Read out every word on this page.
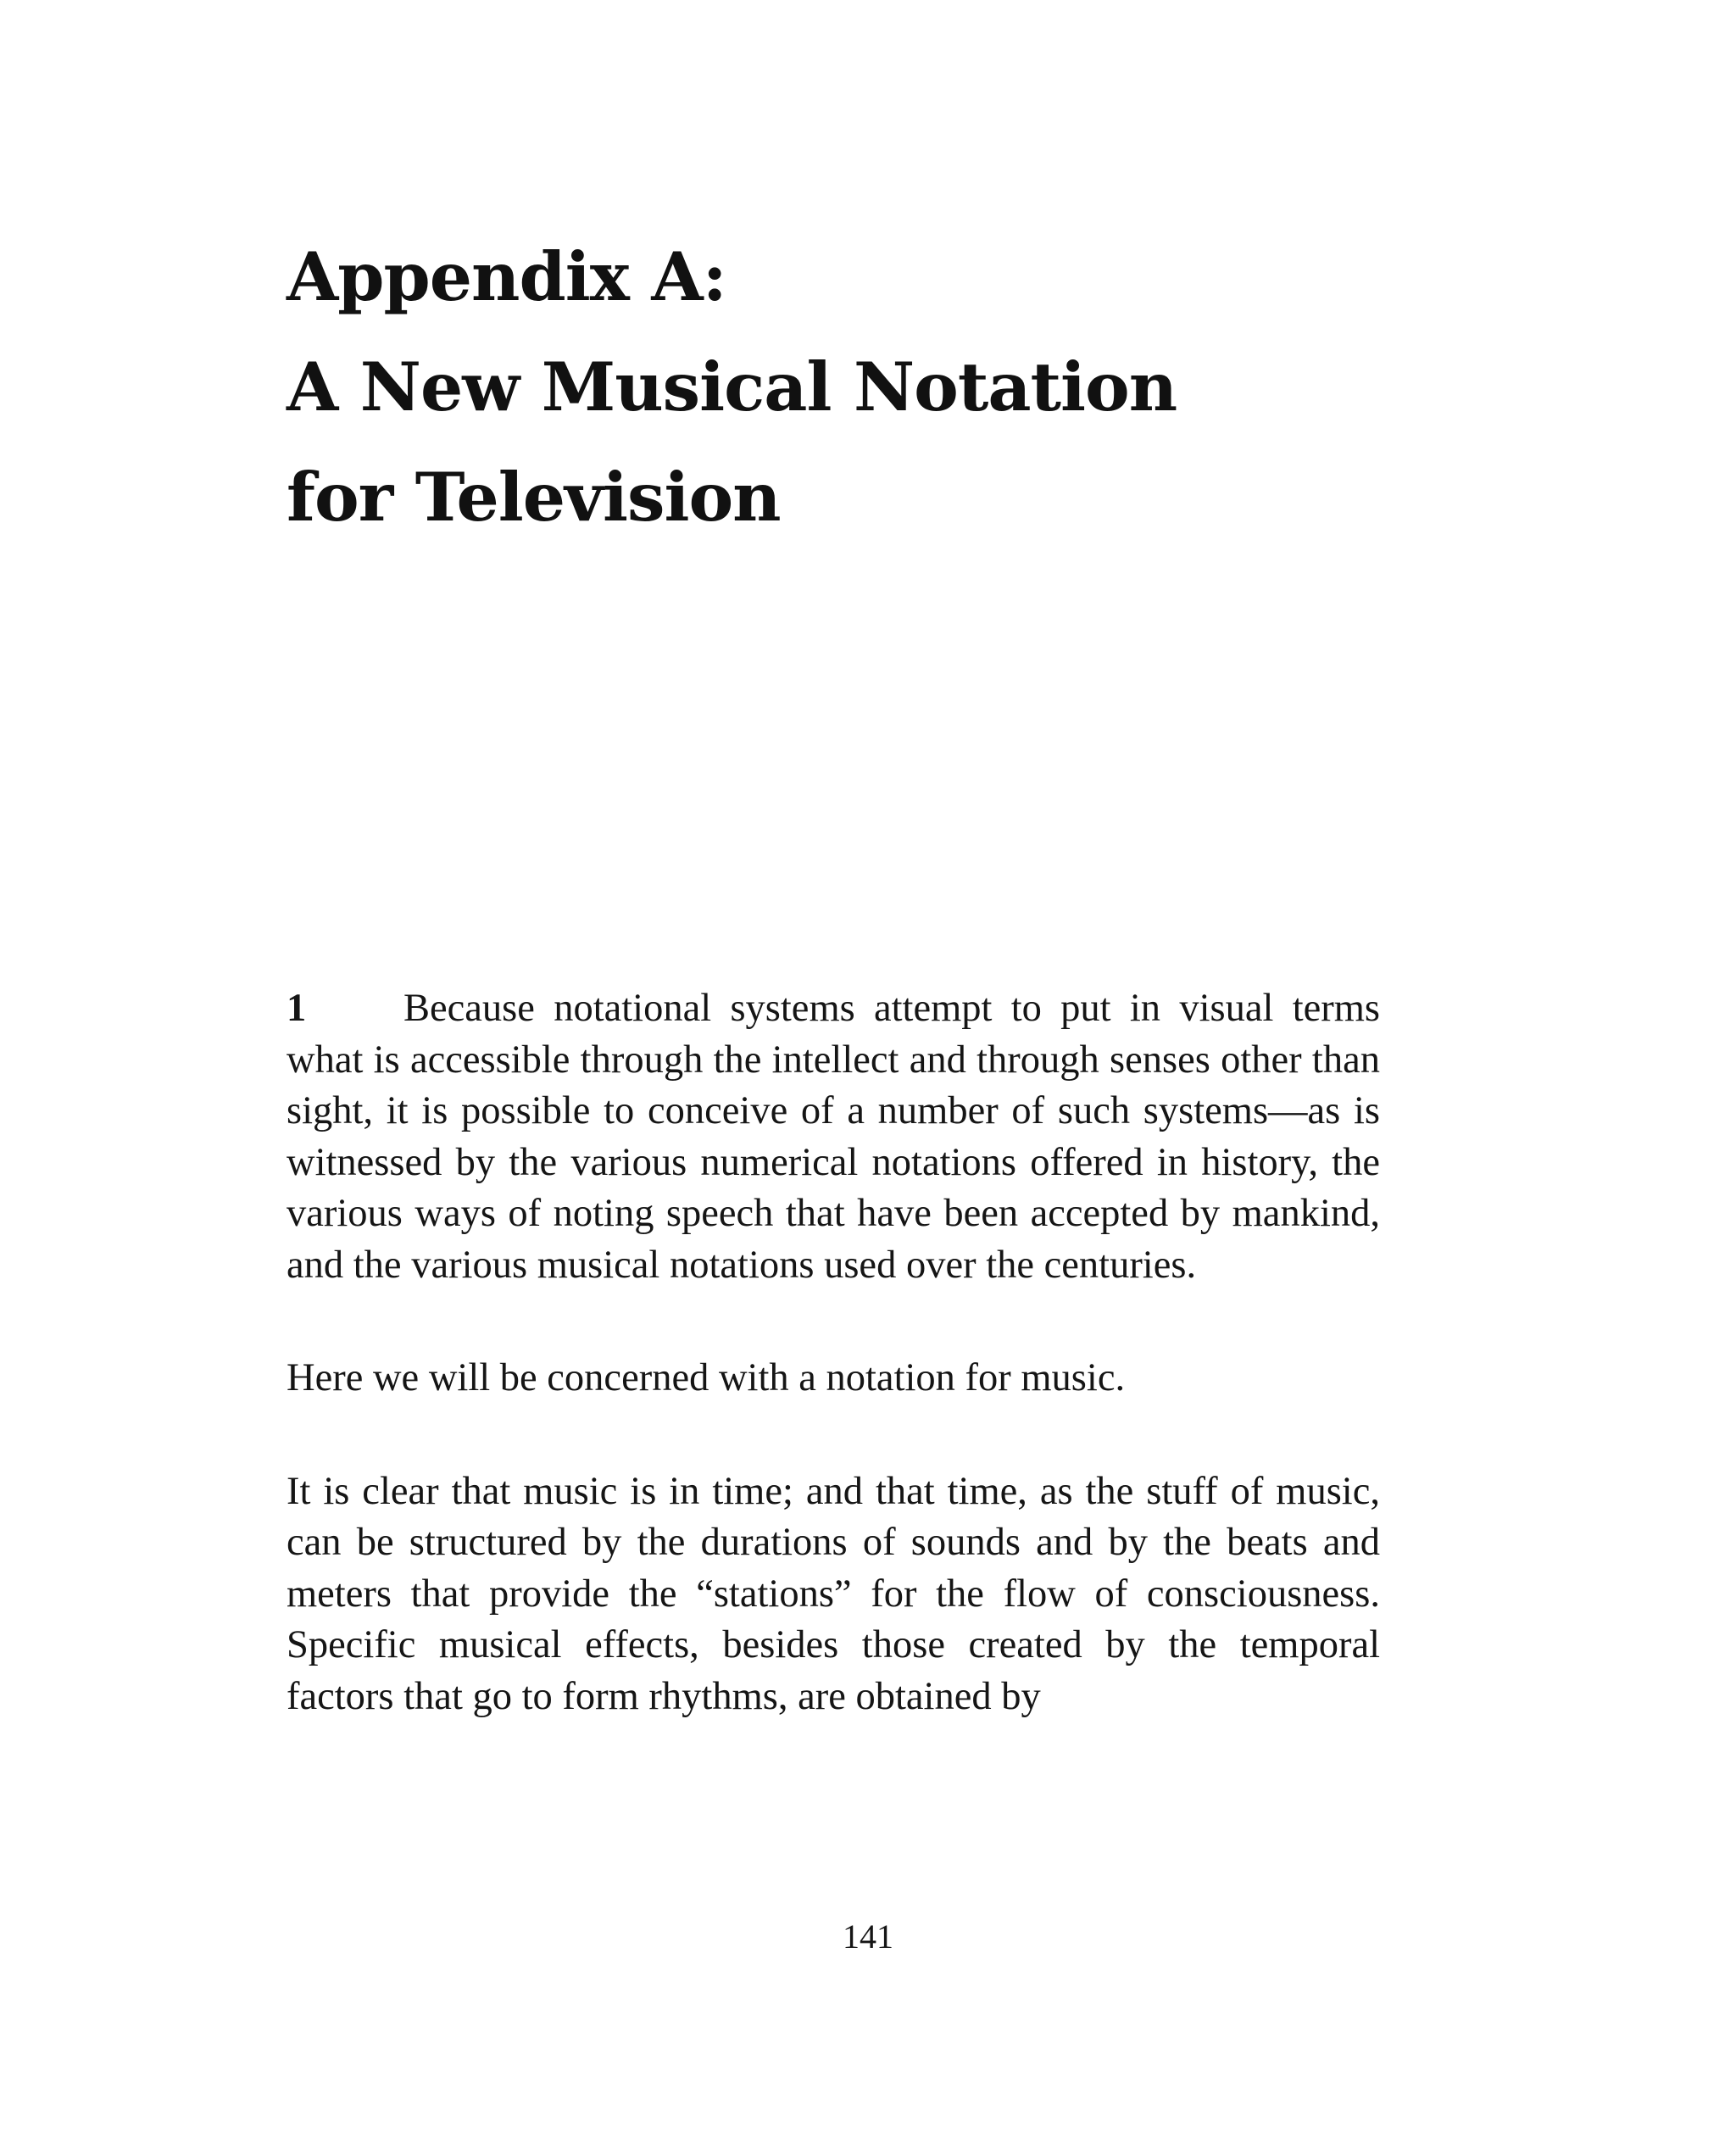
Appendix A:
A New Musical Notation
for Television

1 Because notational systems attempt to put in visual terms what is accessible through the intellect and through senses other than sight, it is possible to conceive of a number of such systems—as is witnessed by the various numerical notations offered in history, the various ways of noting speech that have been accepted by mankind, and the various musical notations used over the centuries.

Here we will be concerned with a notation for music.

It is clear that music is in time; and that time, as the stuff of music, can be structured by the durations of sounds and by the beats and meters that provide the “stations” for the flow of consciousness. Specific musical effects, besides those created by the temporal factors that go to form rhythms, are obtained by

141
